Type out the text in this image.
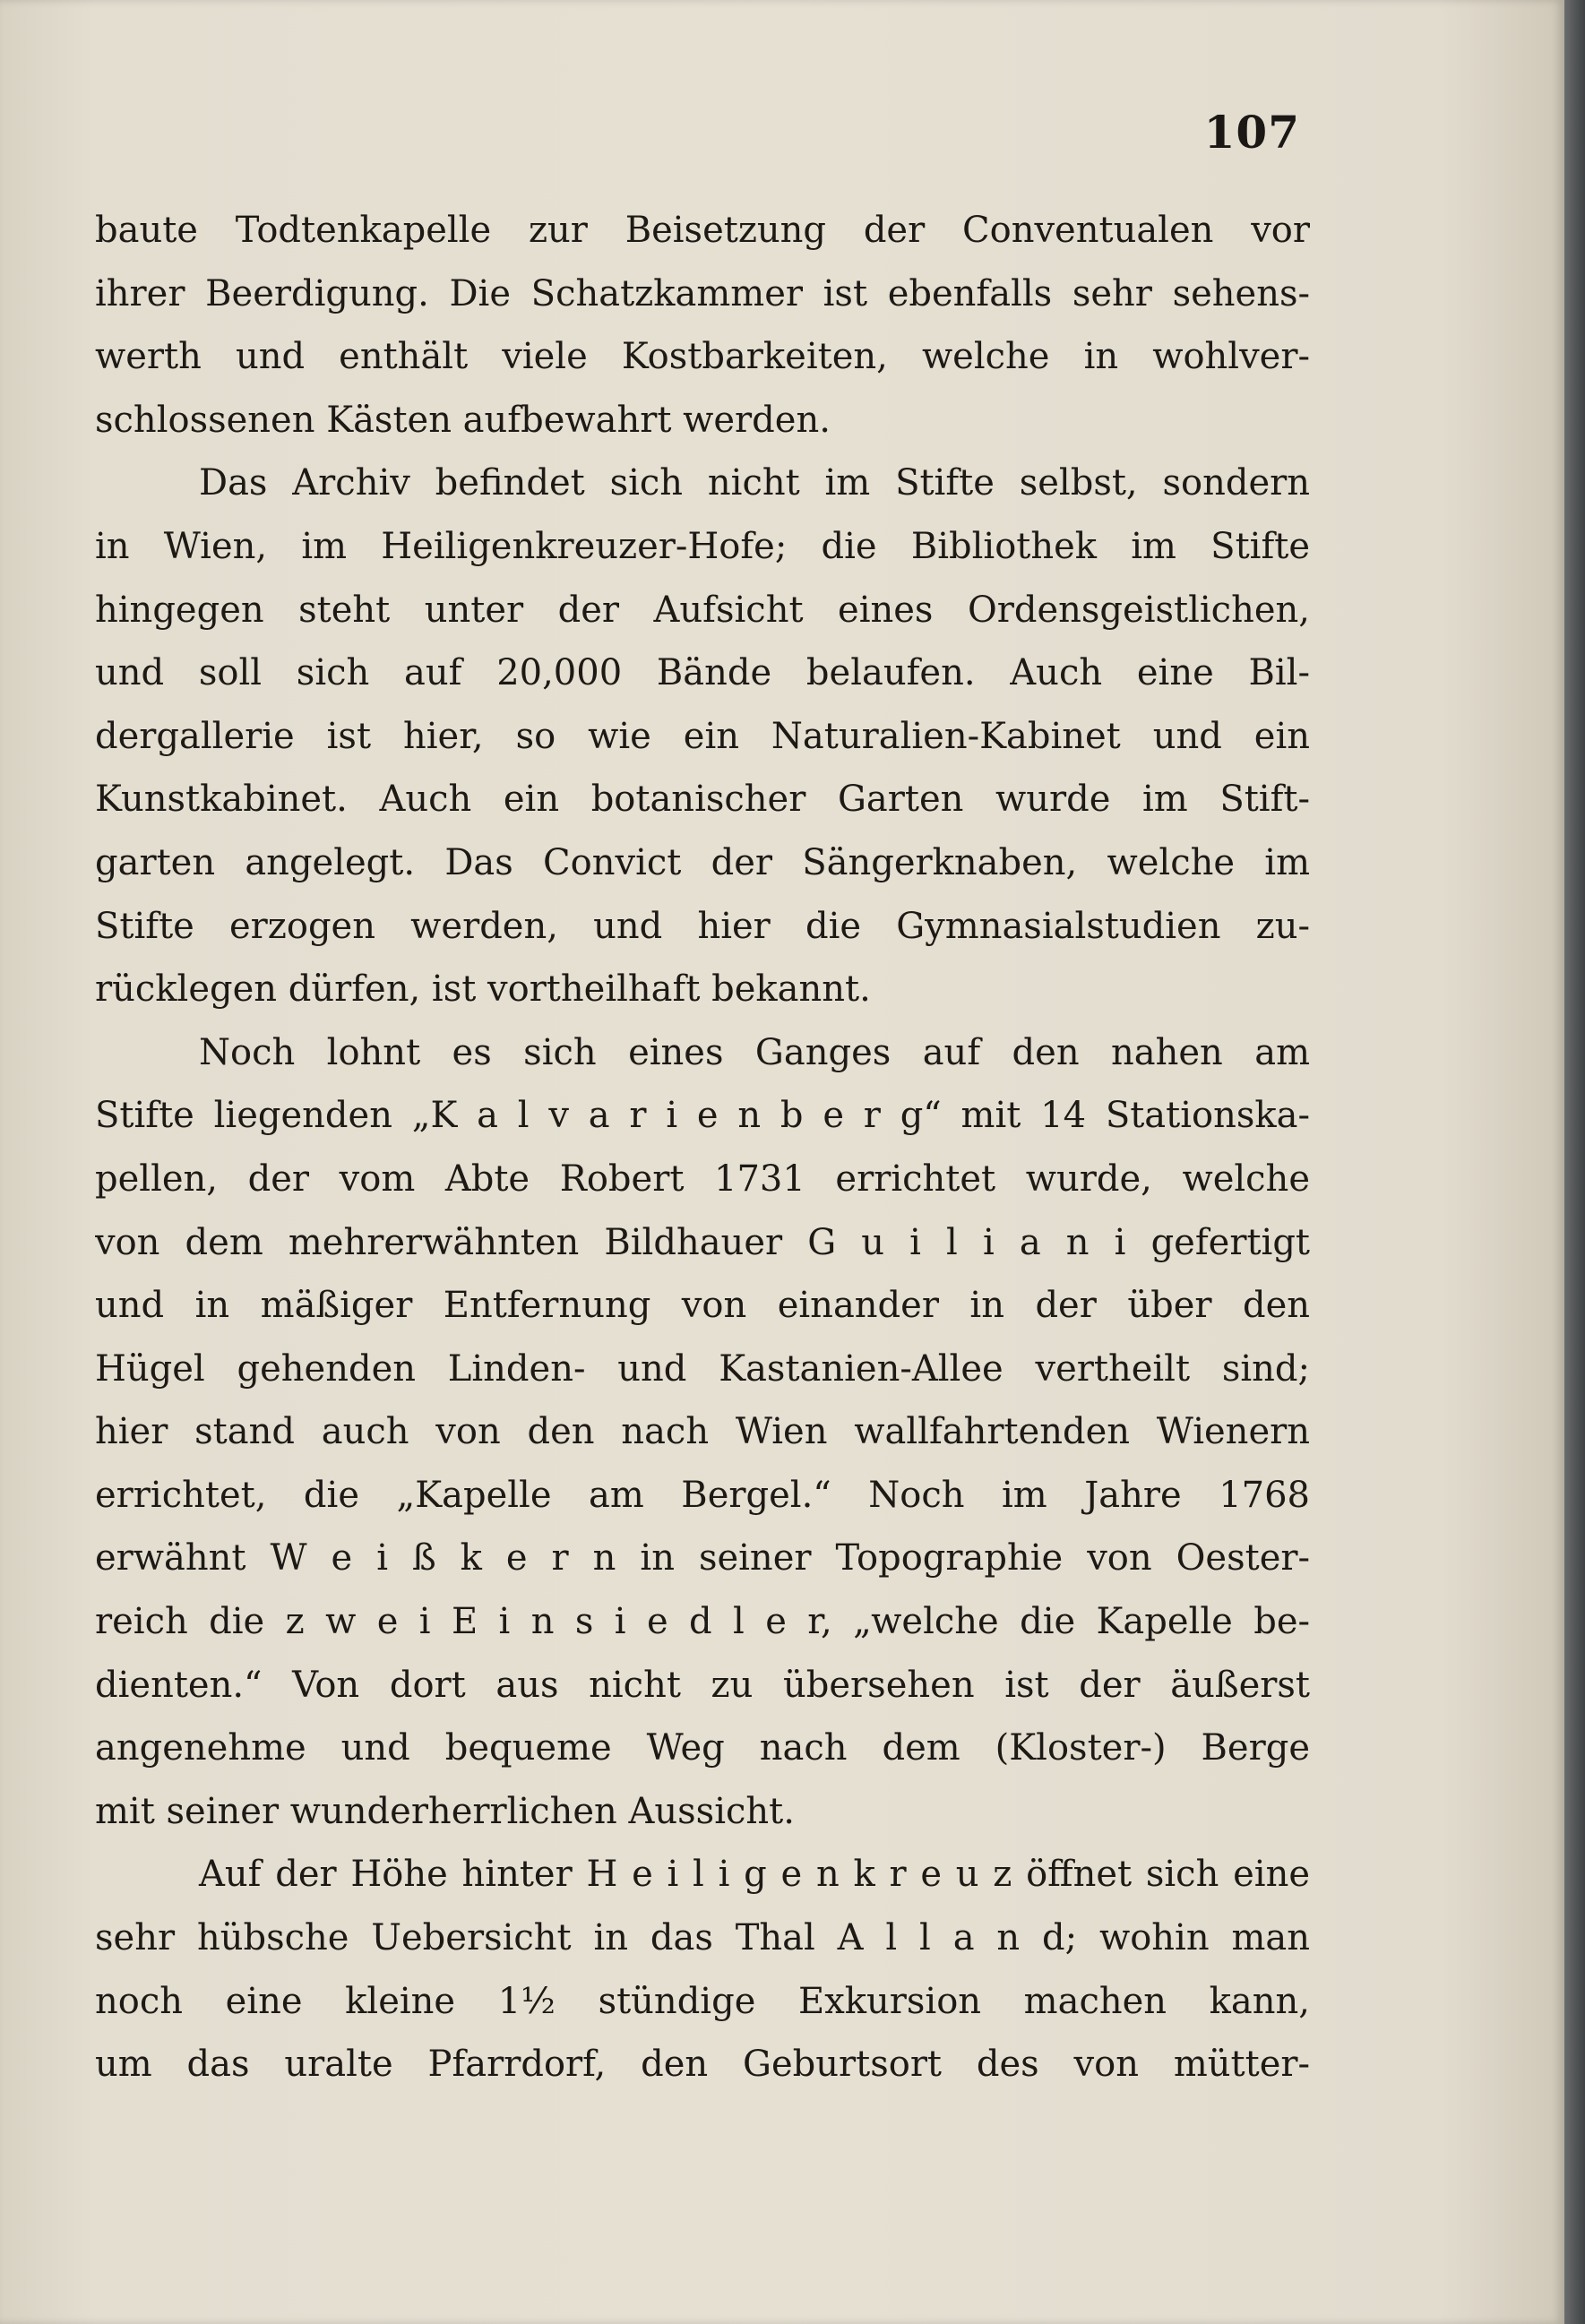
107
baute Todtenkapelle zur Beisetzung der Conventualen vor
ihrer Beerdigung. Die Schatzkammer ist ebenfalls sehr sehens-
werth und enthält viele Kostbarkeiten, welche in wohlver-
schlossenen Kästen aufbewahrt werden.
Das Archiv befindet sich nicht im Stifte selbst, sondern
in Wien, im Heiligenkreuzer-Hofe; die Bibliothek im Stifte
hingegen steht unter der Aufsicht eines Ordensgeistlichen,
und soll sich auf 20,000 Bände belaufen. Auch eine Bil-
dergallerie ist hier, so wie ein Naturalien-Kabinet und ein
Kunstkabinet. Auch ein botanischer Garten wurde im Stift-
garten angelegt. Das Convict der Sängerknaben, welche im
Stifte erzogen werden, und hier die Gymnasialstudien zu-
rücklegen dürfen, ist vortheilhaft bekannt.
Noch lohnt es sich eines Ganges auf den nahen am
Stifte liegenden „K a l v a r i e n b e r g“ mit 14 Stationska-
pellen, der vom Abte Robert 1731 errichtet wurde, welche
von dem mehrerwähnten Bildhauer G u i l i a n i gefertigt
und in mäßiger Entfernung von einander in der über den
Hügel gehenden Linden- und Kastanien-Allee vertheilt sind;
hier stand auch von den nach Wien wallfahrtenden Wienern
errichtet, die „Kapelle am Bergel.“ Noch im Jahre 1768
erwähnt W e i ß k e r n in seiner Topographie von Oester-
reich die z w e i E i n s i e d l e r, „welche die Kapelle be-
dienten.“ Von dort aus nicht zu übersehen ist der äußerst
angenehme und bequeme Weg nach dem (Kloster-) Berge
mit seiner wunderherrlichen Aussicht.
Auf der Höhe hinter H e i l i g e n k r e u z öffnet sich eine
sehr hübsche Uebersicht in das Thal A l l a n d; wohin man
noch eine kleine 1½ stündige Exkursion machen kann,
um das uralte Pfarrdorf, den Geburtsort des von mütter-
